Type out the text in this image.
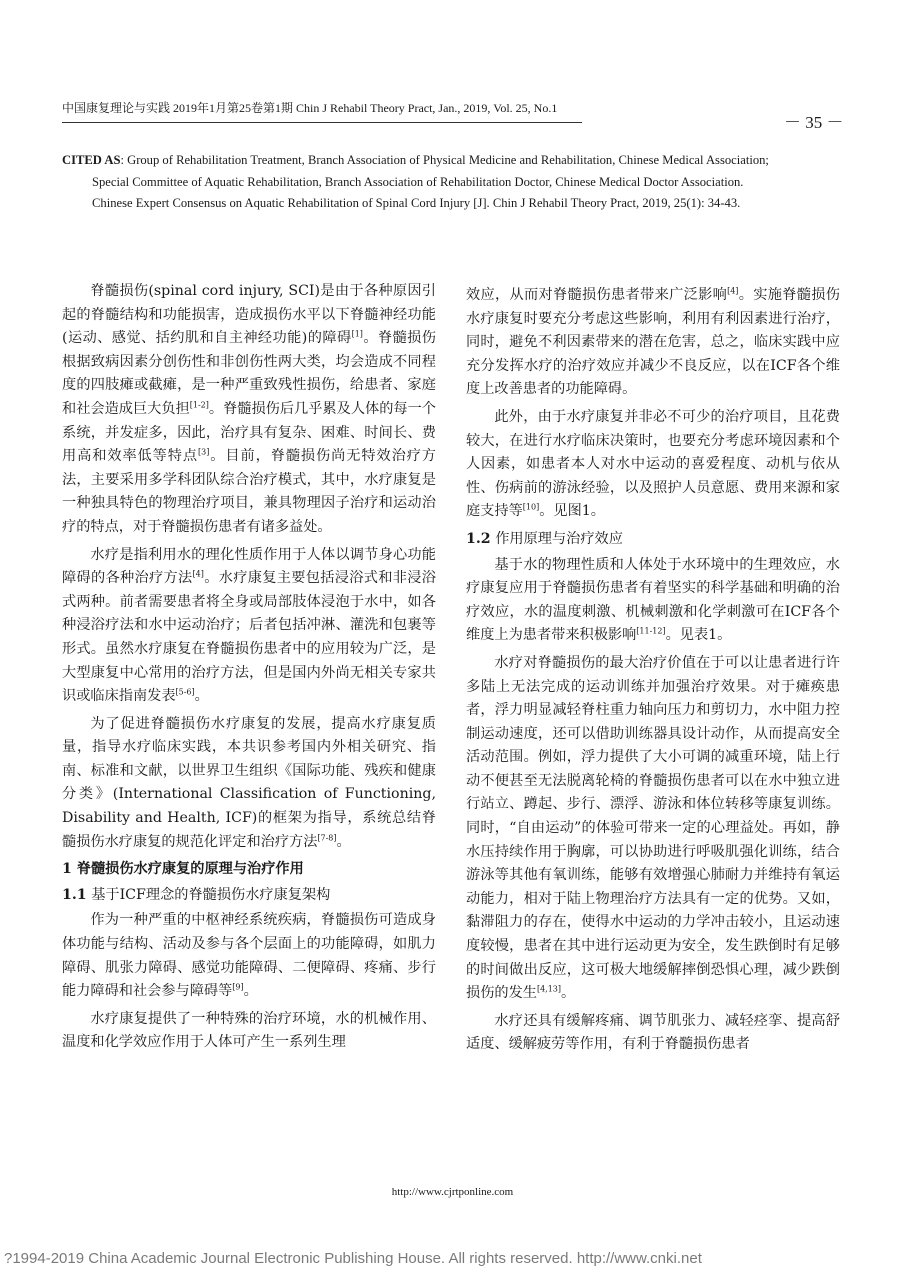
中国康复理论与实践 2019年1月第25卷第1期 Chin J Rehabil Theory Pract, Jan., 2019, Vol. 25, No.1
－ 35 －
CITED AS: Group of Rehabilitation Treatment, Branch Association of Physical Medicine and Rehabilitation, Chinese Medical Association; Special Committee of Aquatic Rehabilitation, Branch Association of Rehabilitation Doctor, Chinese Medical Doctor Association. Chinese Expert Consensus on Aquatic Rehabilitation of Spinal Cord Injury [J]. Chin J Rehabil Theory Pract, 2019, 25(1): 34-43.

脊髓损伤(spinal cord injury, SCI)是由于各种原因引起的脊髓结构和功能损害，造成损伤水平以下脊髓神经功能(运动、感觉、括约肌和自主神经功能)的障碍[1]。脊髓损伤根据致病因素分创伤性和非创伤性两大类，均会造成不同程度的四肢瘫或截瘫，是一种严重致残性损伤，给患者、家庭和社会造成巨大负担[1-2]。脊髓损伤后几乎累及人体的每一个系统，并发症多，因此，治疗具有复杂、困难、时间长、费用高和效率低等特点[3]。目前，脊髓损伤尚无特效治疗方法，主要采用多学科团队综合治疗模式，其中，水疗康复是一种独具特色的物理治疗项目，兼具物理因子治疗和运动治疗的特点，对于脊髓损伤患者有诸多益处。

水疗是指利用水的理化性质作用于人体以调节身心功能障碍的各种治疗方法[4]。水疗康复主要包括浸浴式和非浸浴式两种。前者需要患者将全身或局部肢体浸泡于水中，如各种浸浴疗法和水中运动治疗；后者包括冲淋、灌洗和包裹等形式。虽然水疗康复在脊髓损伤患者中的应用较为广泛，是大型康复中心常用的治疗方法，但是国内外尚无相关专家共识或临床指南发表[5-6]。

为了促进脊髓损伤水疗康复的发展，提高水疗康复质量，指导水疗临床实践，本共识参考国内外相关研究、指南、标准和文献，以世界卫生组织《国际功能、残疾和健康分类》(International Classification of Functioning, Disability and Health, ICF)的框架为指导，系统总结脊髓损伤水疗康复的规范化评定和治疗方法[7-8]。

1 脊髓损伤水疗康复的原理与治疗作用
1.1 基于ICF理念的脊髓损伤水疗康复架构

作为一种严重的中枢神经系统疾病，脊髓损伤可造成身体功能与结构、活动及参与各个层面上的功能障碍，如肌力障碍、肌张力障碍、感觉功能障碍、二便障碍、疼痛、步行能力障碍和社会参与障碍等[9]。

水疗康复提供了一种特殊的治疗环境，水的机械作用、温度和化学效应作用于人体可产生一系列生理

效应，从而对脊髓损伤患者带来广泛影响[4]。实施脊髓损伤水疗康复时要充分考虑这些影响，利用有利因素进行治疗，同时，避免不利因素带来的潜在危害，总之，临床实践中应充分发挥水疗的治疗效应并减少不良反应，以在ICF各个维度上改善患者的功能障碍。

此外，由于水疗康复并非必不可少的治疗项目，且花费较大，在进行水疗临床决策时，也要充分考虑环境因素和个人因素，如患者本人对水中运动的喜爱程度、动机与依从性、伤病前的游泳经验，以及照护人员意愿、费用来源和家庭支持等[10]。见图1。

1.2 作用原理与治疗效应

基于水的物理性质和人体处于水环境中的生理效应，水疗康复应用于脊髓损伤患者有着坚实的科学基础和明确的治疗效应，水的温度刺激、机械刺激和化学刺激可在ICF各个维度上为患者带来积极影响[11-12]。见表1。

水疗对脊髓损伤的最大治疗价值在于可以让患者进行许多陆上无法完成的运动训练并加强治疗效果。对于瘫痪患者，浮力明显减轻脊柱重力轴向压力和剪切力，水中阻力控制运动速度，还可以借助训练器具设计动作，从而提高安全活动范围。例如，浮力提供了大小可调的减重环境，陆上行动不便甚至无法脱离轮椅的脊髓损伤患者可以在水中独立进行站立、蹲起、步行、漂浮、游泳和体位转移等康复训练。同时，“自由运动”的体验可带来一定的心理益处。再如，静水压持续作用于胸廓，可以协助进行呼吸肌强化训练，结合游泳等其他有氧训练，能够有效增强心肺耐力并维持有氧运动能力，相对于陆上物理治疗方法具有一定的优势。又如，黏滞阻力的存在，使得水中运动的力学冲击较小，且运动速度较慢，患者在其中进行运动更为安全，发生跌倒时有足够的时间做出反应，这可极大地缓解摔倒恐惧心理，减少跌倒损伤的发生[4,13]。

水疗还具有缓解疼痛、调节肌张力、减轻痉挛、提高舒适度、缓解疲劳等作用，有利于脊髓损伤患者

http://www.cjrtponline.com
?1994-2019 China Academic Journal Electronic Publishing House. All rights reserved. http://www.cnki.net
